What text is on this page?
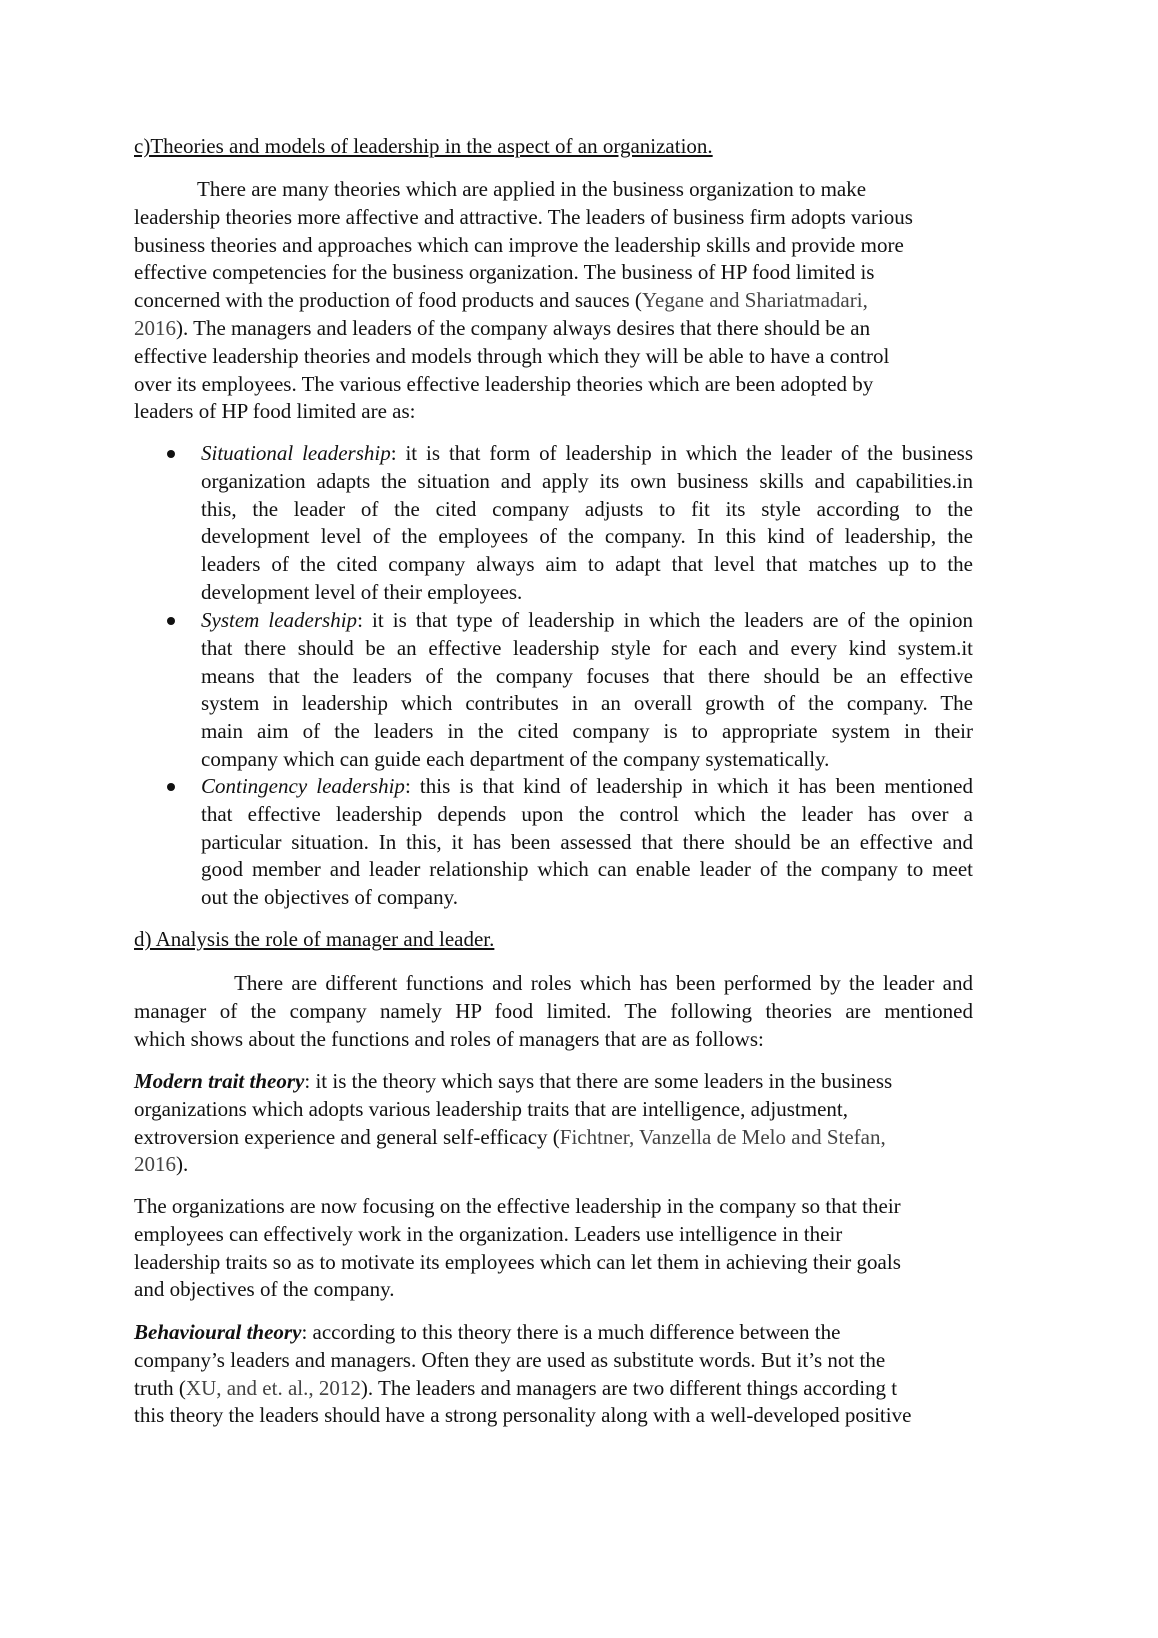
c)Theories and models of leadership in the aspect of an organization.
There are many theories which are applied in the business organization to make
leadership theories more affective and attractive. The leaders of business firm adopts various
business theories and approaches which can improve the leadership skills and provide more
effective competencies for the business organization. The business of HP food limited is
concerned with the production of food products and sauces (Yegane and Shariatmadari,
2016). The managers and leaders of the company always desires that there should be an
effective leadership theories and models through which they will be able to have a control
over its employees. The various effective leadership theories which are been adopted by
leaders of HP food limited are as:
Situational leadership: it is that form of leadership in which the leader of the business
organization adapts the situation and apply its own business skills and capabilities.in
this, the leader of the cited company adjusts to fit its style according to the
development level of the employees of the company. In this kind of leadership, the
leaders of the cited company always aim to adapt that level that matches up to the
development level of their employees.
System leadership: it is that type of leadership in which the leaders are of the opinion
that there should be an effective leadership style for each and every kind system.it
means that the leaders of the company focuses that there should be an effective
system in leadership which contributes in an overall growth of the company. The
main aim of the leaders in the cited company is to appropriate system in their
company which can guide each department of the company systematically.
Contingency leadership: this is that kind of leadership in which it has been mentioned
that effective leadership depends upon the control which the leader has over a
particular situation. In this, it has been assessed that there should be an effective and
good member and leader relationship which can enable leader of the company to meet
out the objectives of company.
d) Analysis the role of manager and leader.
There are different functions and roles which has been performed by the leader and
manager of the company namely HP food limited. The following theories are mentioned
which shows about the functions and roles of managers that are as follows:
Modern trait theory: it is the theory which says that there are some leaders in the business
organizations which adopts various leadership traits that are intelligence, adjustment,
extroversion experience and general self-efficacy (Fichtner, Vanzella de Melo and Stefan,
2016).
The organizations are now focusing on the effective leadership in the company so that their
employees can effectively work in the organization. Leaders use intelligence in their
leadership traits so as to motivate its employees which can let them in achieving their goals
and objectives of the company.
Behavioural theory: according to this theory there is a much difference between the
company’s leaders and managers. Often they are used as substitute words. But it’s not the
truth (XU, and et. al., 2012). The leaders and managers are two different things according t
this theory the leaders should have a strong personality along with a well-developed positive
